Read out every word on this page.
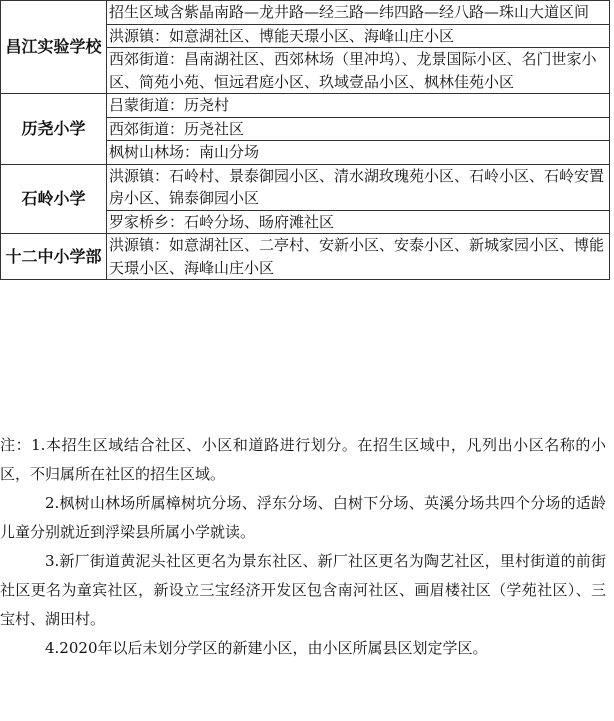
昌江实验学校	招生区域含紫晶南路—龙井路—经三路—纬四路—经八路—珠山大道区间
	洪源镇：如意湖社区、博能天璟小区、海峰山庄小区
	西郊街道：昌南湖社区、西郊林场（里冲坞）、龙景国际小区、名门世家小区、简苑小苑、恒远君庭小区、玖域壹品小区、枫林佳苑小区
历尧小学	吕蒙街道：历尧村
	西郊街道：历尧社区
	枫树山林场：南山分场
石岭小学	洪源镇：石岭村、景泰御园小区、清水湖玫瑰苑小区、石岭小区、石岭安置房小区、锦泰御园小区
	罗家桥乡：石岭分场、旸府滩社区
十二中小学部	洪源镇：如意湖社区、二亭村、安新小区、安泰小区、新城家园小区、博能天璟小区、海峰山庄小区

注：1.本招生区域结合社区、小区和道路进行划分。在招生区域中，凡列出小区名称的小区，不归属所在社区的招生区域。

2.枫树山林场所属樟树坑分场、浮东分场、白树下分场、英溪分场共四个分场的适龄儿童分别就近到浮梁县所属小学就读。

3.新厂街道黄泥头社区更名为景东社区、新厂社区更名为陶艺社区，里村街道的前街社区更名为童宾社区，新设立三宝经济开发区包含南河社区、画眉楼社区（学苑社区）、三宝村、湖田村。

4.2020年以后未划分学区的新建小区，由小区所属县区划定学区。
